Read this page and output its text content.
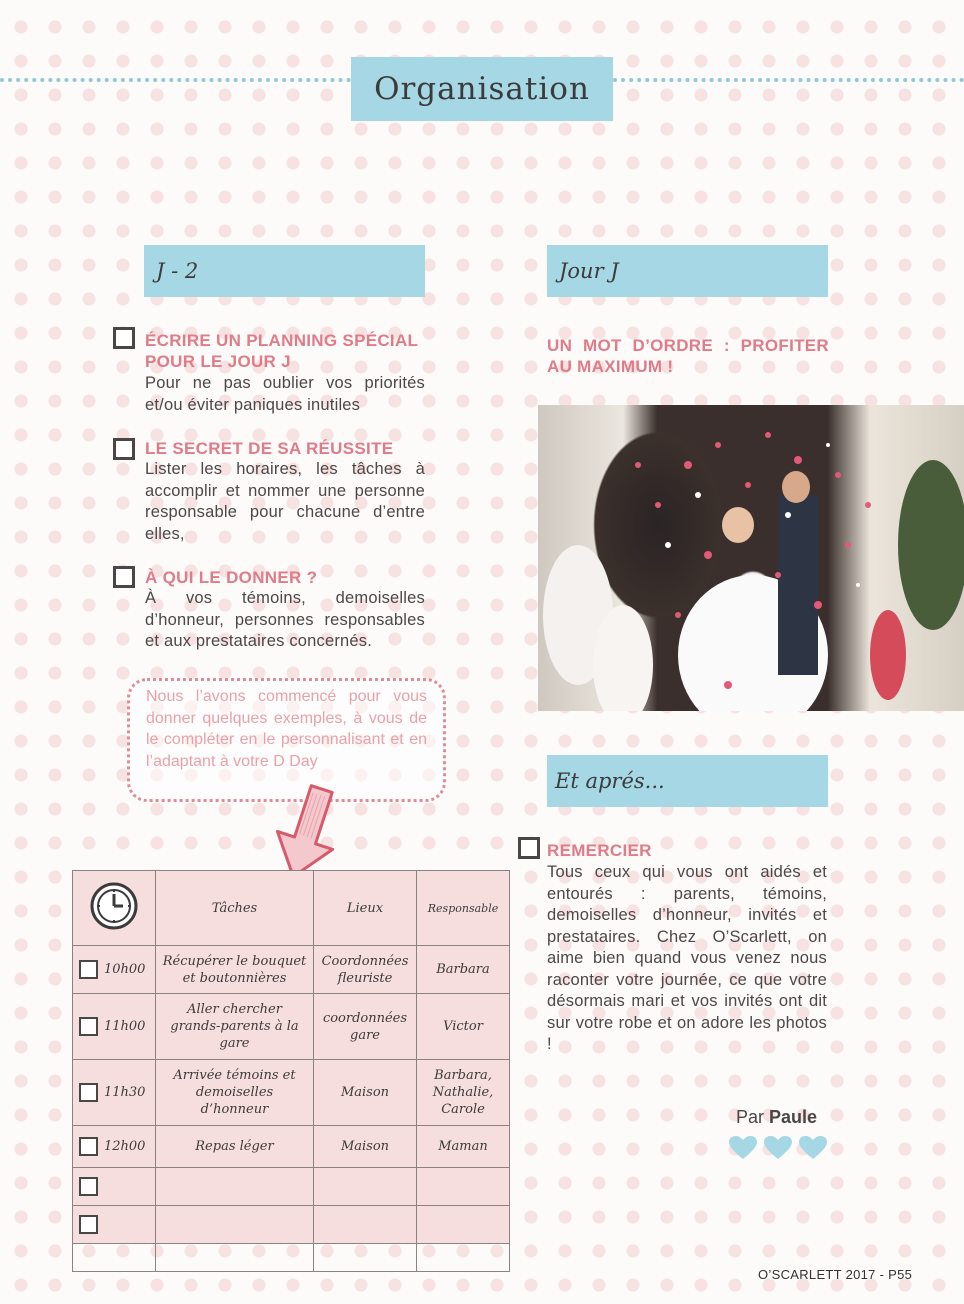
Organisation
J - 2
ÉCRIRE UN PLANNING SPÉCIAL POUR LE JOUR J
Pour ne pas oublier vos priorités et/ou éviter paniques inutiles
LE SECRET DE SA RÉUSSITE
Lister les horaires, les tâches à accomplir et nommer une personne responsable pour chacune d’entre elles,
À QUI LE DONNER ?
À vos témoins, demoiselles d’honneur, personnes responsables et aux prestataires concernés.
Nous l’avons commencé pour vous donner quelques exemples, à vous de le compléter en le personnalisant et en l’adaptant à votre D Day
	Tâches	Lieux	Responsable
10h00	Récupérer le bouquet et boutonnières	Coordonnées fleuriste	Barbara
11h00	Aller chercher grands-parents à la gare	coordonnées gare	Victor
11h30	Arrivée témoins et demoiselles d’honneur	Maison	Barbara, Nathalie, Carole
12h00	Repas léger	Maison	Maman

Jour J
UN MOT D’ORDRE : PROFITER AU MAXIMUM !
Et aprés...
REMERCIER
Tous ceux qui vous ont aidés et entourés : parents, témoins, demoiselles d’honneur, invités et prestataires. Chez O’Scarlett, on aime bien quand vous venez nous raconter votre journée, ce que votre désormais mari et vos invités ont dit sur votre robe et on adore les photos !
Par Paule
O’SCARLETT 2017 - P55
